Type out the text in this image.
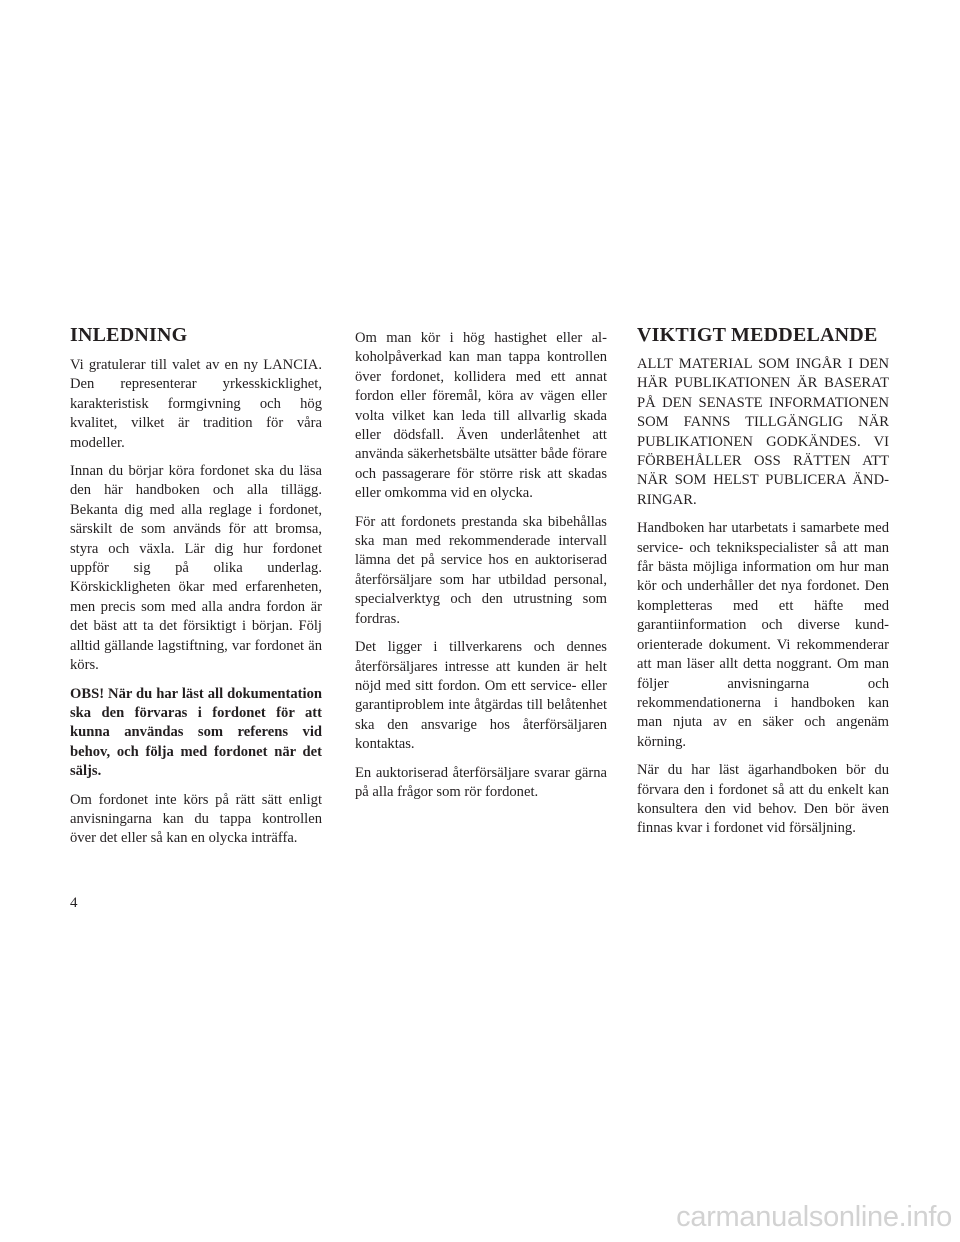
INLEDNING

Vi gratulerar till valet av en ny LANCIA. Den representerar yrkesskicklighet, karakteristisk formgivning och hög kvalitet, vilket är tradition för våra modeller.

Innan du börjar köra fordonet ska du läsa den här handboken och alla tillägg. Bekanta dig med alla reglage i fordonet, särskilt de som används för att bromsa, styra och växla. Lär dig hur fordonet uppför sig på olika underlag. Körskickligheten ökar med erfarenheten, men precis som med alla andra fordon är det bäst att ta det försiktigt i början. Följ alltid gällande lagstiftning, var fordonet än körs.

OBS! När du har läst all dokumentation ska den förvaras i fordonet för att kunna användas som referens vid behov, och följa med fordonet när det säljs.

Om fordonet inte körs på rätt sätt enligt anvisningarna kan du tappa kontrollen över det eller så kan en olycka inträffa.

Om man kör i hög hastighet eller alkoholpåverkad kan man tappa kontrollen över fordonet, kollidera med ett annat fordon eller föremål, köra av vägen eller volta vilket kan leda till allvarlig skada eller dödsfall. Även underlåtenhet att använda säkerhetsbälte utsätter både förare och passagerare för större risk att skadas eller omkomma vid en olycka.

För att fordonets prestanda ska bibehållas ska man med rekommenderade intervall lämna det på service hos en auktoriserad återförsäljare som har utbildad personal, specialverktyg och den utrustning som fordras.

Det ligger i tillverkarens och dennes återförsäljares intresse att kunden är helt nöjd med sitt fordon. Om ett service- eller garantiproblem inte åtgärdas till belåtenhet ska den ansvarige hos återförsäljaren kontaktas.

En auktoriserad återförsäljare svarar gärna på alla frågor som rör fordonet.

VIKTIGT MEDDELANDE

ALLT MATERIAL SOM INGÅR I DEN HÄR PUBLIKATIONEN ÄR BASERAT PÅ DEN SENASTE INFORMATIONEN SOM FANNS TILLGÄNGLIG NÄR PUBLIKATIONEN GODKÄNDES. VI FÖRBEHÅLLER OSS RÄTTEN ATT NÄR SOM HELST PUBLICERA ÄNDRINGAR.

Handboken har utarbetats i samarbete med service- och teknikspecialister så att man får bästa möjliga information om hur man kör och underhåller det nya fordonet. Den kompletteras med ett häfte med garantiinformation och diverse kundorienterade dokument. Vi rekommenderar att man läser allt detta noggrant. Om man följer anvisningarna och rekommendationerna i handboken kan man njuta av en säker och angenäm körning.

När du har läst ägarhandboken bör du förvara den i fordonet så att du enkelt kan konsultera den vid behov. Den bör även finnas kvar i fordonet vid försäljning.

4
carmanualsonline.info
